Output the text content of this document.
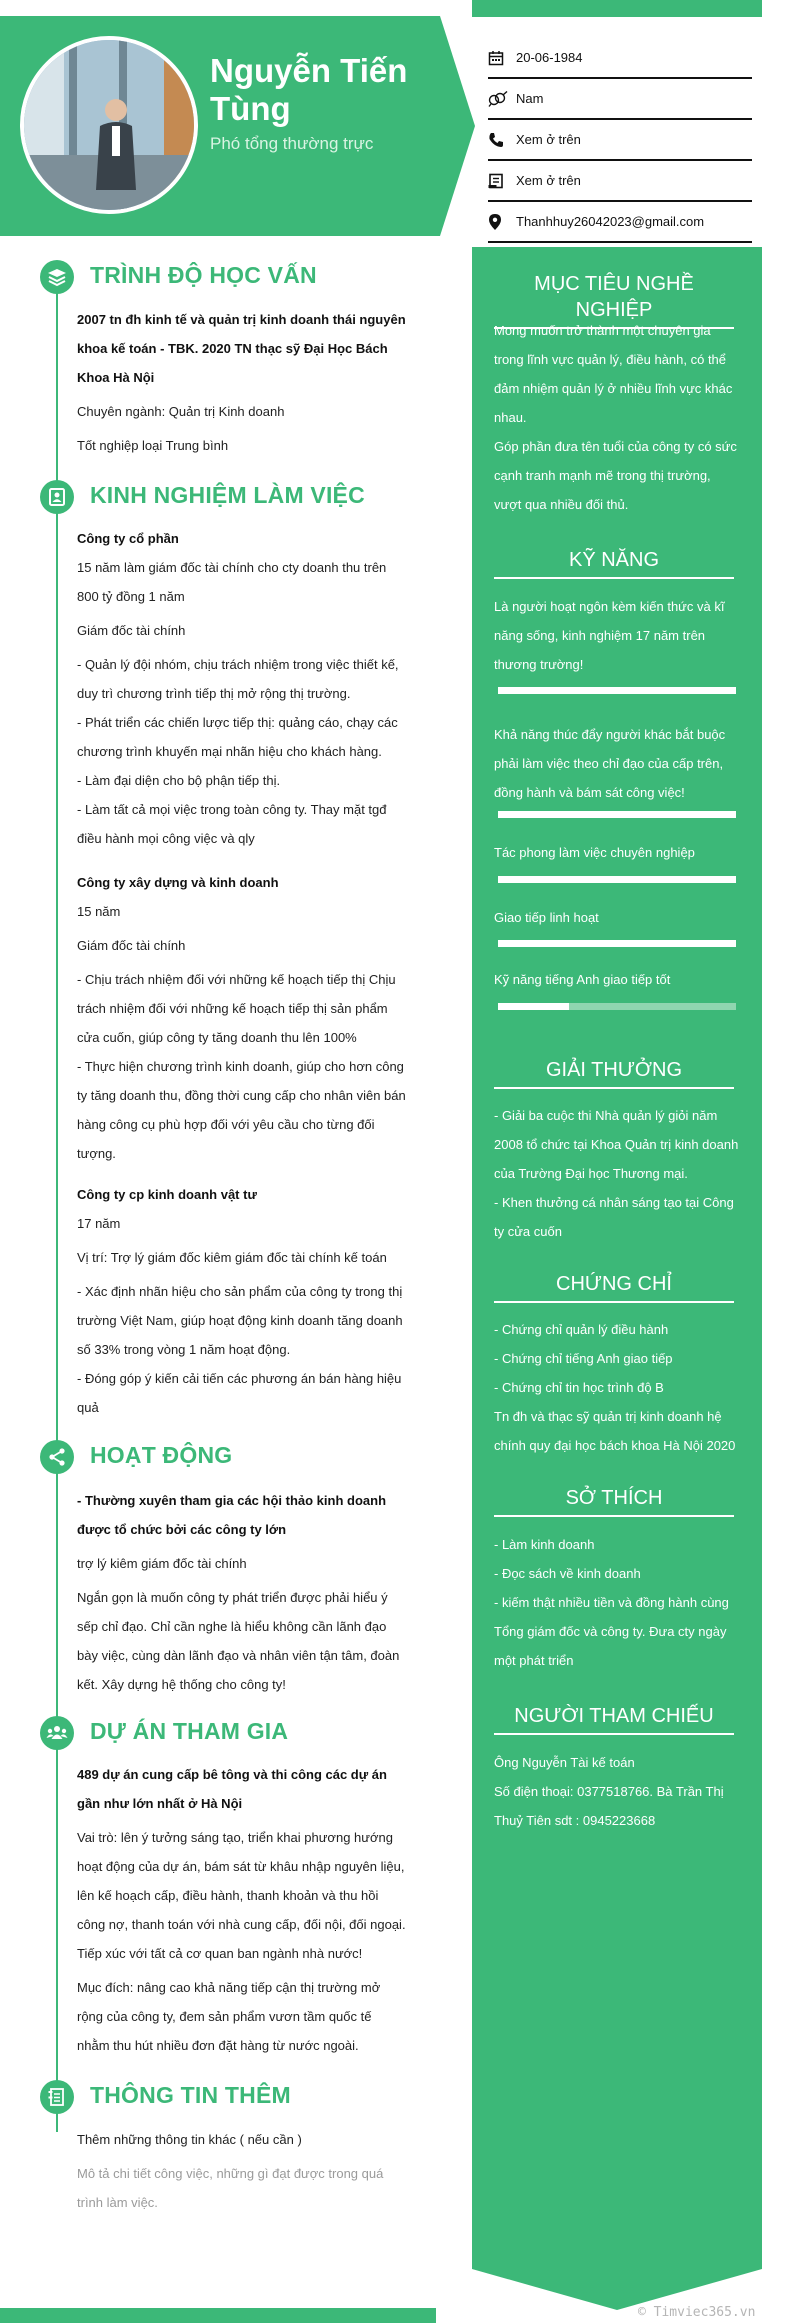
Nguyễn Tiến Tùng
Phó tổng thường trực
20-06-1984
Nam
Xem ở trên
Xem ở trên
Thanhhuy26042023@gmail.com
MỤC TIÊU NGHỀ NGHIỆP
Mong muốn trở thành một chuyên gia trong lĩnh vực quản lý, điều hành, có thể đảm nhiệm quản lý ở nhiều lĩnh vực khác nhau.
Góp phần đưa tên tuổi của công ty có sức cạnh tranh mạnh mẽ trong thị trường, vượt qua nhiều đối thủ.
KỸ NĂNG
Là người hoạt ngôn kèm kiến thức và kĩ năng sống, kinh nghiệm 17 năm trên thương trường!
Khả năng thúc đẩy người khác bắt buộc phải làm việc theo chỉ đạo của cấp trên, đồng hành và bám sát công việc!
Tác phong làm việc chuyên nghiệp
Giao tiếp linh hoạt
Kỹ năng tiếng Anh giao tiếp tốt
GIẢI THƯỞNG
- Giải ba cuộc thi Nhà quản lý giỏi năm 2008 tổ chức tại Khoa Quản trị kinh doanh của Trường Đại học Thương mại.
- Khen thưởng cá nhân sáng tạo tại Công ty cửa cuốn
CHỨNG CHỈ
- Chứng chỉ quản lý điều hành
- Chứng chỉ tiếng Anh giao tiếp
- Chứng chỉ tin học trình độ B
Tn đh và thạc sỹ quản trị kinh doanh hệ chính quy đại học bách khoa Hà Nội 2020
SỞ THÍCH
- Làm kinh doanh
- Đọc sách về kinh doanh
- kiếm thật nhiều tiền và đồng hành cùng Tổng giám đốc và công ty. Đưa cty ngày một phát triển
NGƯỜI THAM CHIẾU
Ông Nguyễn Tài kế toán
Số điện thoại: 0377518766. Bà Trần Thị Thuỷ Tiên sdt : 0945223668
TRÌNH ĐỘ HỌC VẤN

2007 tn đh kinh tế và quản trị kinh doanh thái nguyên khoa kế toán - TBK. 2020 TN thạc sỹ Đại Học Bách Khoa Hà Nội

Chuyên ngành: Quản trị Kinh doanh

Tốt nghiệp loại Trung bình

KINH NGHIỆM LÀM VIỆC

Công ty cổ phần

15 năm làm giám đốc tài chính cho cty doanh thu trên 800 tỷ đồng 1 năm

Giám đốc tài chính

- Quản lý đội nhóm, chịu trách nhiệm trong việc thiết kế, duy trì chương trình tiếp thị mở rộng thị trường.

- Phát triển các chiến lược tiếp thị: quảng cáo, chạy các chương trình khuyến mại nhãn hiệu cho khách hàng.

- Làm đại diện cho bộ phận tiếp thị.

- Làm tất cả mọi việc trong toàn công ty. Thay mặt tgđ điều hành mọi công việc và qly

Công ty xây dựng và kinh doanh

15 năm

Giám đốc tài chính

- Chịu trách nhiệm đối với những kế hoạch tiếp thị Chịu trách nhiệm đối với những kế hoạch tiếp thị sản phẩm cửa cuốn, giúp công ty tăng doanh thu lên 100%

- Thực hiện chương trình kinh doanh, giúp cho hơn công ty tăng doanh thu, đồng thời cung cấp cho nhân viên bán hàng công cụ phù hợp đối với yêu cầu cho từng đối tượng.

Công ty cp kinh doanh vật tư

17 năm

Vị trí: Trợ lý giám đốc kiêm giám đốc tài chính kế toán

- Xác định nhãn hiệu cho sản phẩm của công ty trong thị trường Việt Nam, giúp hoạt động kinh doanh tăng doanh số 33% trong vòng 1 năm hoạt động.

- Đóng góp ý kiến cải tiến các phương án bán hàng hiệu quả

HOẠT ĐỘNG

- Thường xuyên tham gia các hội thảo kinh doanh được tổ chức bởi các công ty lớn

trợ lý kiêm giám đốc tài chính

Ngắn gọn là muốn công ty phát triển được phải hiểu ý sếp chỉ đạo. Chỉ cần nghe là hiểu không cần lãnh đạo bày việc, cùng dàn lãnh đạo và nhân viên tận tâm, đoàn kết. Xây dựng hệ thống cho công ty!

DỰ ÁN THAM GIA

489 dự án cung cấp bê tông và thi công các dự án gần như lớn nhất ở Hà Nội

Vai trò: lên ý tưởng sáng tạo, triển khai phương hướng hoạt động của dự án, bám sát từ khâu nhập nguyên liệu, lên kế hoạch cấp, điều hành, thanh khoản và thu hồi công nợ, thanh toán với nhà cung cấp, đối nội, đối ngoại. Tiếp xúc với tất cả cơ quan ban ngành nhà nước!

Mục đích: nâng cao khả năng tiếp cận thị trường mở rộng của công ty, đem sản phẩm vươn tầm quốc tế nhằm thu hút nhiều đơn đặt hàng từ nước ngoài.

THÔNG TIN THÊM

Thêm những thông tin khác ( nếu cần )

Mô tả chi tiết công việc, những gì đạt được trong quá trình làm việc.

© Timviec365.vn
